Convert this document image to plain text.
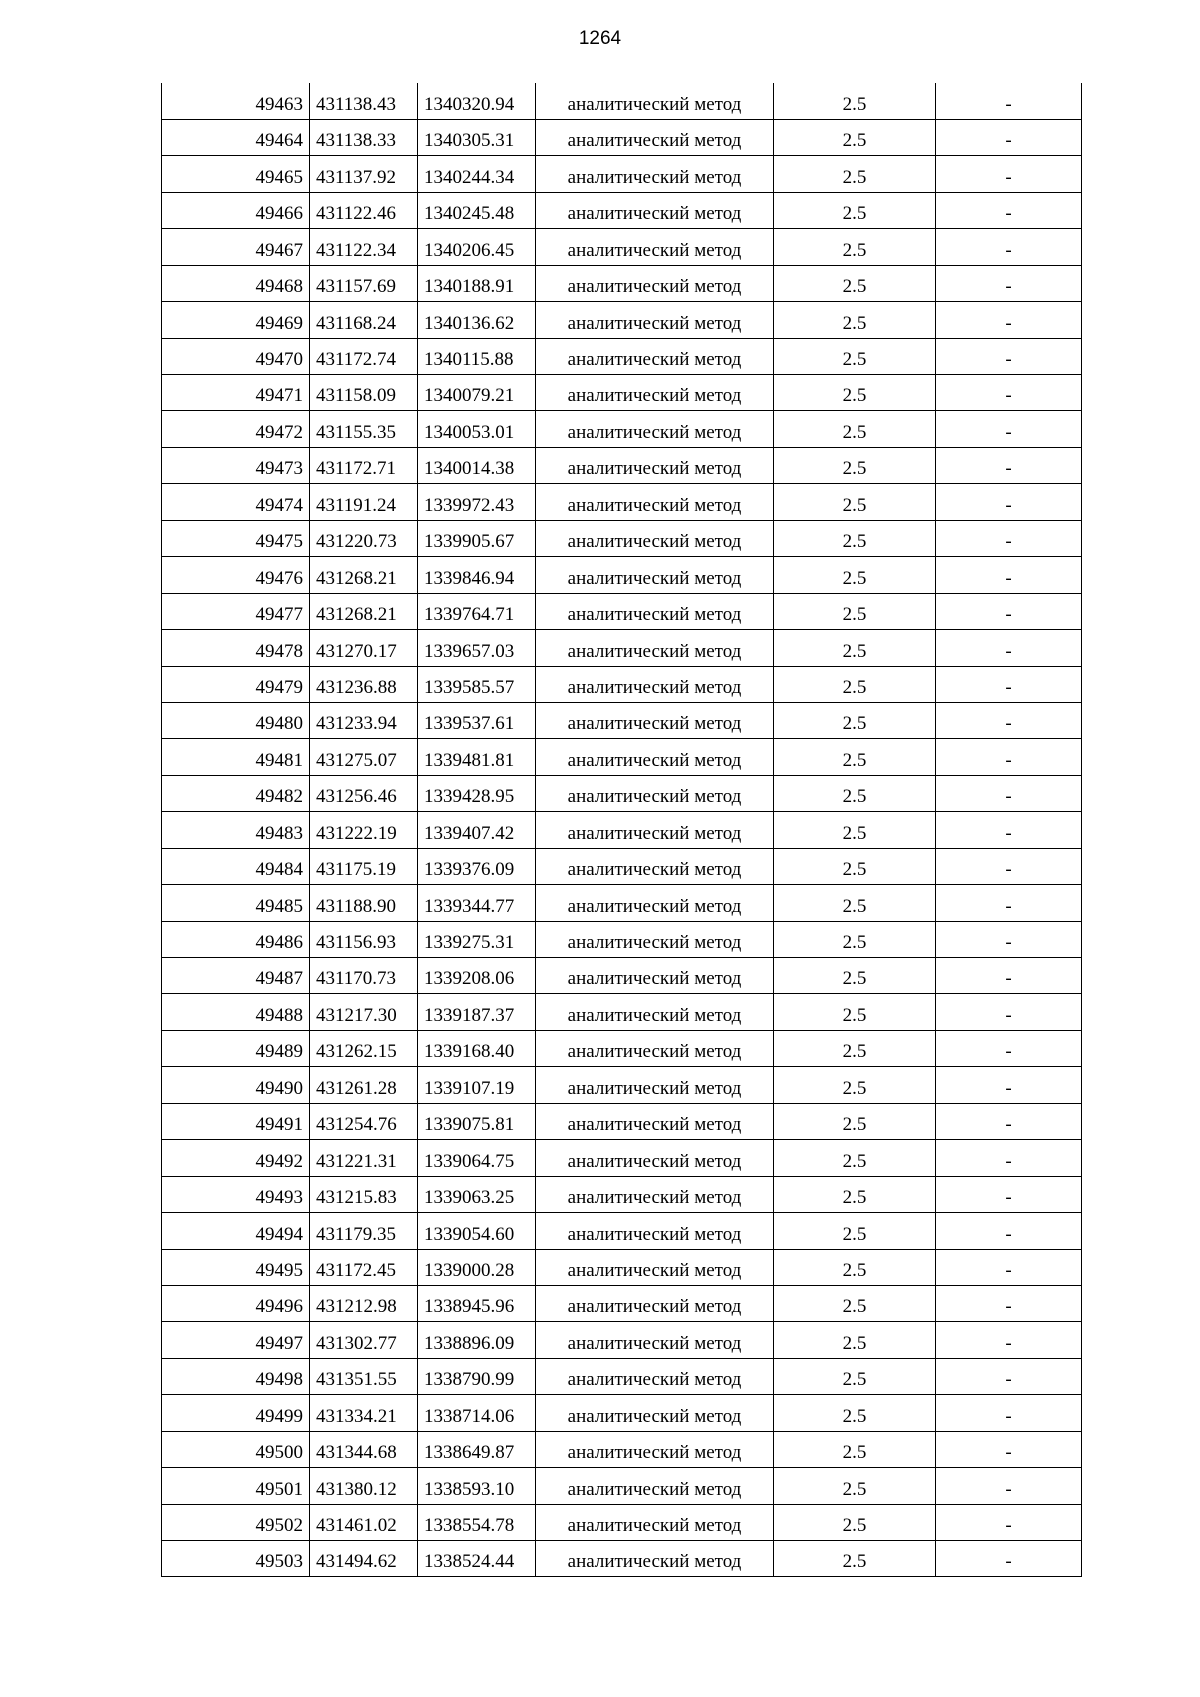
1264
49463	431138.43	1340320.94	аналитический метод	2.5	-
49464	431138.33	1340305.31	аналитический метод	2.5	-
49465	431137.92	1340244.34	аналитический метод	2.5	-
49466	431122.46	1340245.48	аналитический метод	2.5	-
49467	431122.34	1340206.45	аналитический метод	2.5	-
49468	431157.69	1340188.91	аналитический метод	2.5	-
49469	431168.24	1340136.62	аналитический метод	2.5	-
49470	431172.74	1340115.88	аналитический метод	2.5	-
49471	431158.09	1340079.21	аналитический метод	2.5	-
49472	431155.35	1340053.01	аналитический метод	2.5	-
49473	431172.71	1340014.38	аналитический метод	2.5	-
49474	431191.24	1339972.43	аналитический метод	2.5	-
49475	431220.73	1339905.67	аналитический метод	2.5	-
49476	431268.21	1339846.94	аналитический метод	2.5	-
49477	431268.21	1339764.71	аналитический метод	2.5	-
49478	431270.17	1339657.03	аналитический метод	2.5	-
49479	431236.88	1339585.57	аналитический метод	2.5	-
49480	431233.94	1339537.61	аналитический метод	2.5	-
49481	431275.07	1339481.81	аналитический метод	2.5	-
49482	431256.46	1339428.95	аналитический метод	2.5	-
49483	431222.19	1339407.42	аналитический метод	2.5	-
49484	431175.19	1339376.09	аналитический метод	2.5	-
49485	431188.90	1339344.77	аналитический метод	2.5	-
49486	431156.93	1339275.31	аналитический метод	2.5	-
49487	431170.73	1339208.06	аналитический метод	2.5	-
49488	431217.30	1339187.37	аналитический метод	2.5	-
49489	431262.15	1339168.40	аналитический метод	2.5	-
49490	431261.28	1339107.19	аналитический метод	2.5	-
49491	431254.76	1339075.81	аналитический метод	2.5	-
49492	431221.31	1339064.75	аналитический метод	2.5	-
49493	431215.83	1339063.25	аналитический метод	2.5	-
49494	431179.35	1339054.60	аналитический метод	2.5	-
49495	431172.45	1339000.28	аналитический метод	2.5	-
49496	431212.98	1338945.96	аналитический метод	2.5	-
49497	431302.77	1338896.09	аналитический метод	2.5	-
49498	431351.55	1338790.99	аналитический метод	2.5	-
49499	431334.21	1338714.06	аналитический метод	2.5	-
49500	431344.68	1338649.87	аналитический метод	2.5	-
49501	431380.12	1338593.10	аналитический метод	2.5	-
49502	431461.02	1338554.78	аналитический метод	2.5	-
49503	431494.62	1338524.44	аналитический метод	2.5	-
